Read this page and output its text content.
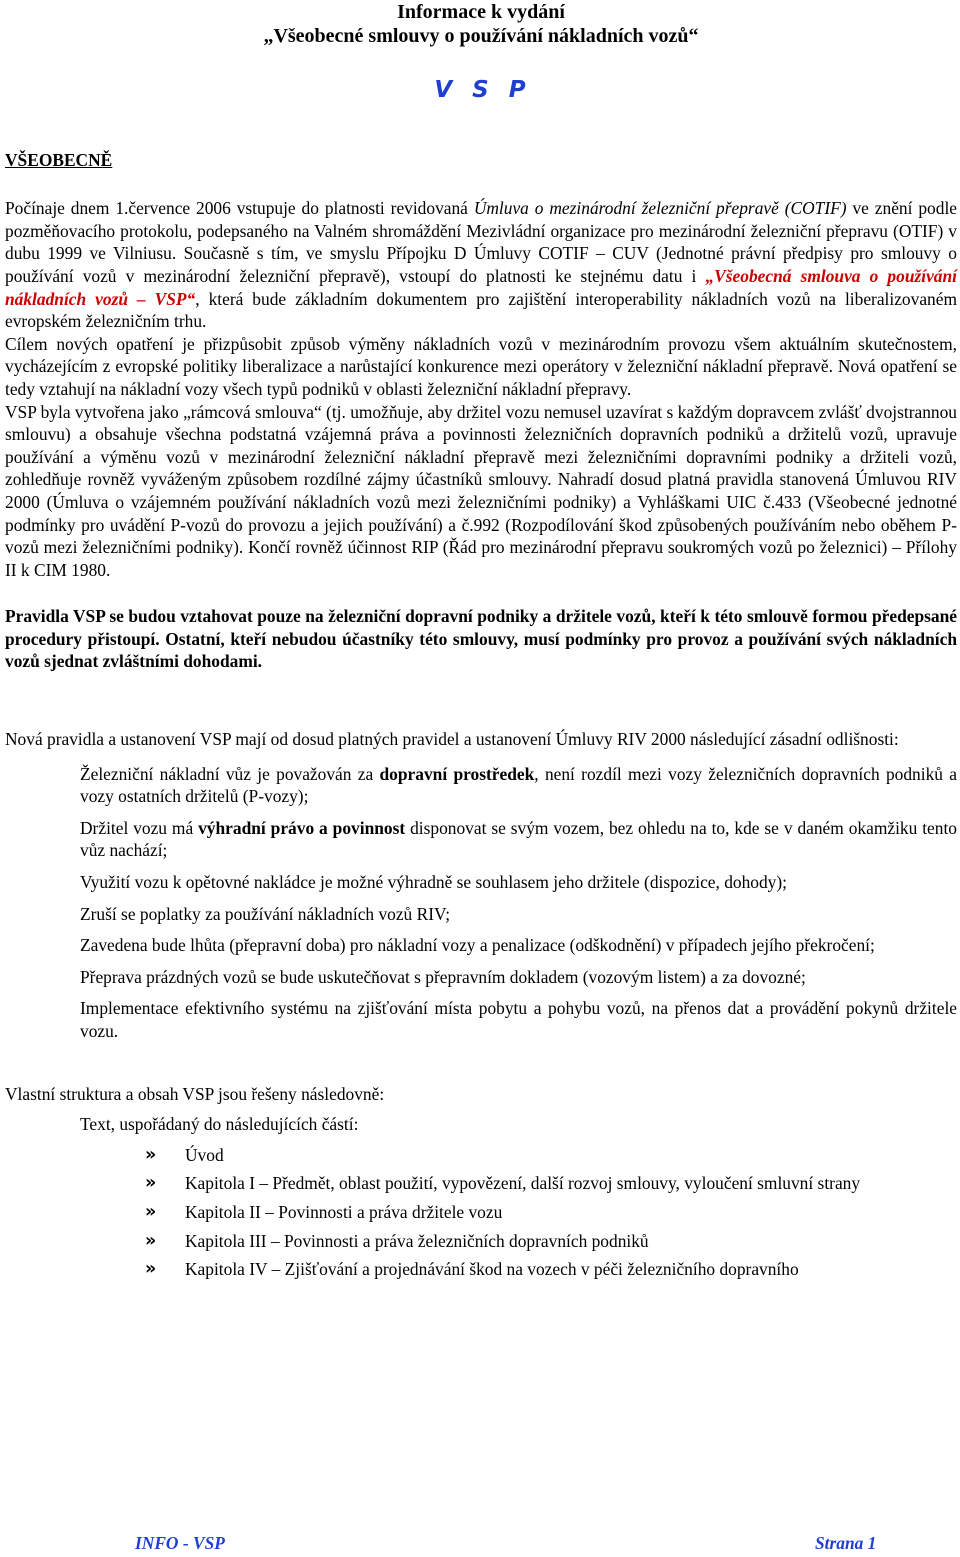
Informace k vydání
„Všeobecné smlouvy o používání nákladních vozů“
V S P
VŠEOBECNĚ

Počínaje dnem 1.července 2006 vstupuje do platnosti revidovaná Úmluva o mezinárodní železniční přepravě (COTIF) ve znění podle pozměňovacího protokolu, podepsaného na Valném shromáždění Mezivládní organizace pro mezinárodní železniční přepravu (OTIF) v dubu 1999 ve Vilniusu. Současně s tím, ve smyslu Přípojku D Úmluvy COTIF – CUV (Jednotné právní předpisy pro smlouvy o používání vozů v mezinárodní železniční přepravě), vstoupí do platnosti ke stejnému datu i „Všeobecná smlouva o používání nákladních vozů – VSP“, která bude základním dokumentem pro zajištění interoperability nákladních vozů na liberalizovaném evropském železničním trhu.

Cílem nových opatření je přizpůsobit způsob výměny nákladních vozů v mezinárodním provozu všem aktuálním skutečnostem, vycházejícím z evropské politiky liberalizace a narůstající konkurence mezi operátory v železniční nákladní přepravě. Nová opatření se tedy vztahují na nákladní vozy všech typů podniků v oblasti železniční nákladní přepravy.

VSP byla vytvořena jako „rámcová smlouva“ (tj. umožňuje, aby držitel vozu nemusel uzavírat s každým dopravcem zvlášť dvojstrannou smlouvu) a obsahuje všechna podstatná vzájemná práva a povinnosti železničních dopravních podniků a držitelů vozů, upravuje používání a výměnu vozů v mezinárodní železniční nákladní přepravě mezi železničními dopravními podniky a držiteli vozů, zohledňuje rovněž vyváženým způsobem rozdílné zájmy účastníků smlouvy. Nahradí dosud platná pravidla stanovená Úmluvou RIV 2000 (Úmluva o vzájemném používání nákladních vozů mezi železničními podniky) a Vyhláškami UIC č.433 (Všeobecné jednotné podmínky pro uvádění P-vozů do provozu a jejich používání) a č.992 (Rozpodílování škod způsobených používáním nebo oběhem P-vozů mezi železničními podniky). Končí rovněž účinnost RIP (Řád pro mezinárodní přepravu soukromých vozů po železnici) – Přílohy II k CIM 1980.

Pravidla VSP se budou vztahovat pouze na železniční dopravní podniky a držitele vozů, kteří k této smlouvě formou předepsané procedury přistoupí. Ostatní, kteří nebudou účastníky této smlouvy, musí podmínky pro provoz a používání svých nákladních vozů sjednat zvláštními dohodami.

Nová pravidla a ustanovení VSP mají od dosud platných pravidel a ustanovení Úmluvy RIV 2000 následující zásadní odlišnosti:

Železniční nákladní vůz je považován za dopravní prostředek, není rozdíl mezi vozy železničních dopravních podniků a vozy ostatních držitelů (P-vozy);
Držitel vozu má výhradní právo a povinnost disponovat se svým vozem, bez ohledu na to, kde se v daném okamžiku tento vůz nachází;
Využití vozu k opětovné nakládce je možné výhradně se souhlasem jeho držitele (dispozice, dohody);
Zruší se poplatky za používání nákladních vozů RIV;
Zavedena bude lhůta (přepravní doba) pro nákladní vozy a penalizace (odškodnění) v případech jejího překročení;
Přeprava prázdných vozů se bude uskutečňovat s přepravním dokladem (vozovým listem) a za dovozné;
Implementace efektivního systému na zjišťování místa pobytu a pohybu vozů, na přenos dat a provádění pokynů držitele vozu.

Vlastní struktura a obsah VSP jsou řešeny následovně:

Text, uspořádaný do následujících částí:

» Úvod
» Kapitola I – Předmět, oblast použití, vypovězení, další rozvoj smlouvy, vyloučení smluvní strany
» Kapitola II – Povinnosti a práva držitele vozu
» Kapitola III – Povinnosti a práva železničních dopravních podniků
» Kapitola IV – Zjišťování a projednávání škod na vozech v péči železničního dopravního
INFO - VSP	Strana 1
